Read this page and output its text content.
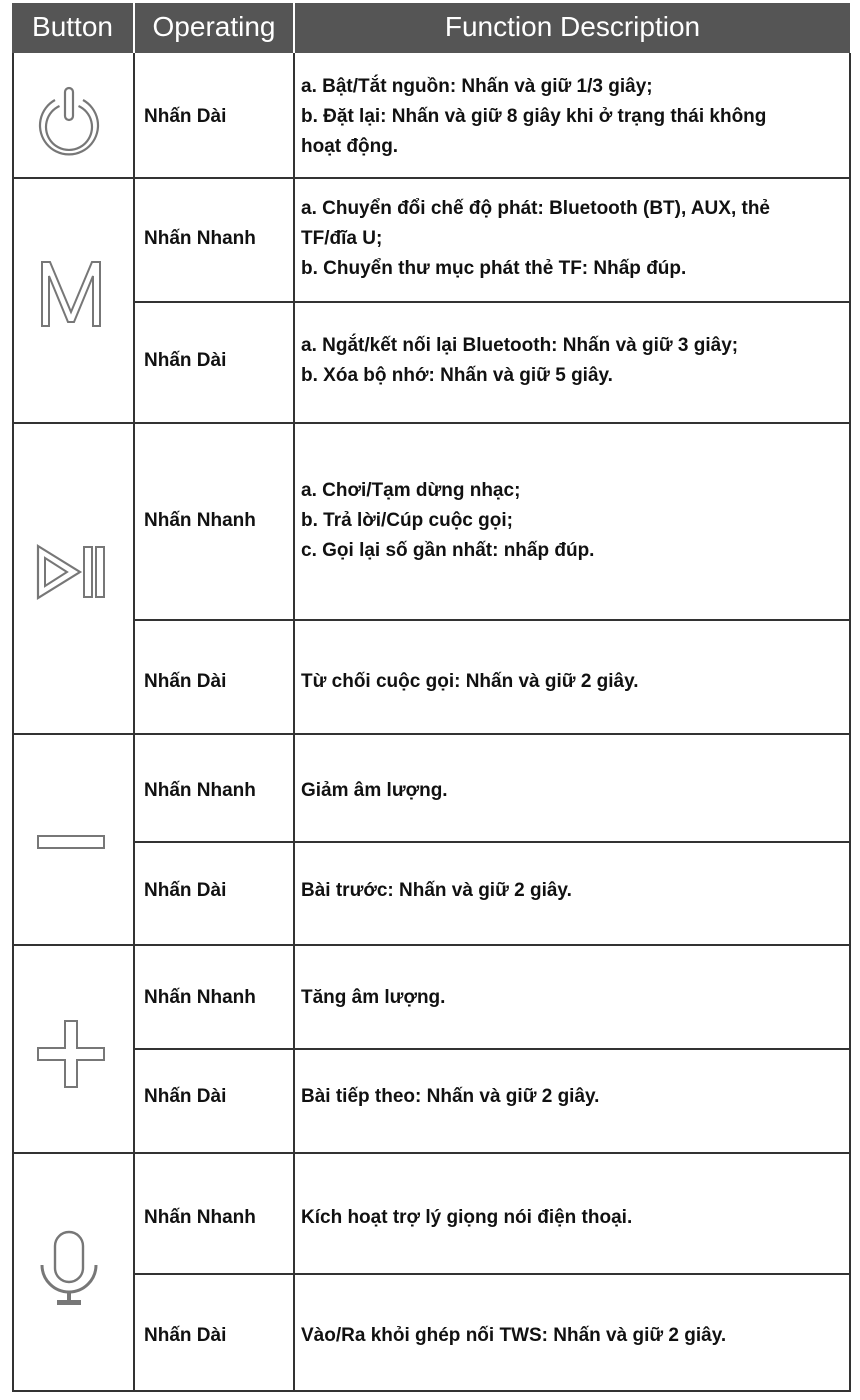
Button	Operating	Function Description
Nhấn Dài
Nhấn Nhanh
Nhấn Dài
Nhấn Nhanh
Nhấn Dài
Nhấn Nhanh
Nhấn Dài
Nhấn Nhanh
Nhấn Dài
Nhấn Nhanh
Nhấn Dài
a. Bật/Tắt nguồn: Nhấn và giữ 1/3 giây;
b. Đặt lại: Nhấn và giữ 8 giây khi ở trạng thái không
hoạt động.
a. Chuyển đổi chế độ phát: Bluetooth (BT), AUX, thẻ
TF/đĩa U;
b. Chuyển thư mục phát thẻ TF: Nhấp đúp.
a. Ngắt/kết nối lại Bluetooth: Nhấn và giữ 3 giây;
b. Xóa bộ nhớ: Nhấn và giữ 5 giây.
a. Chơi/Tạm dừng nhạc;
b. Trả lời/Cúp cuộc gọi;
c. Gọi lại số gần nhất: nhấp đúp.
Từ chối cuộc gọi: Nhấn và giữ 2 giây.
Giảm âm lượng.
Bài trước: Nhấn và giữ 2 giây.
Tăng âm lượng.
Bài tiếp theo: Nhấn và giữ 2 giây.
Kích hoạt trợ lý giọng nói điện thoại.
Vào/Ra khỏi ghép nối TWS: Nhấn và giữ 2 giây.
